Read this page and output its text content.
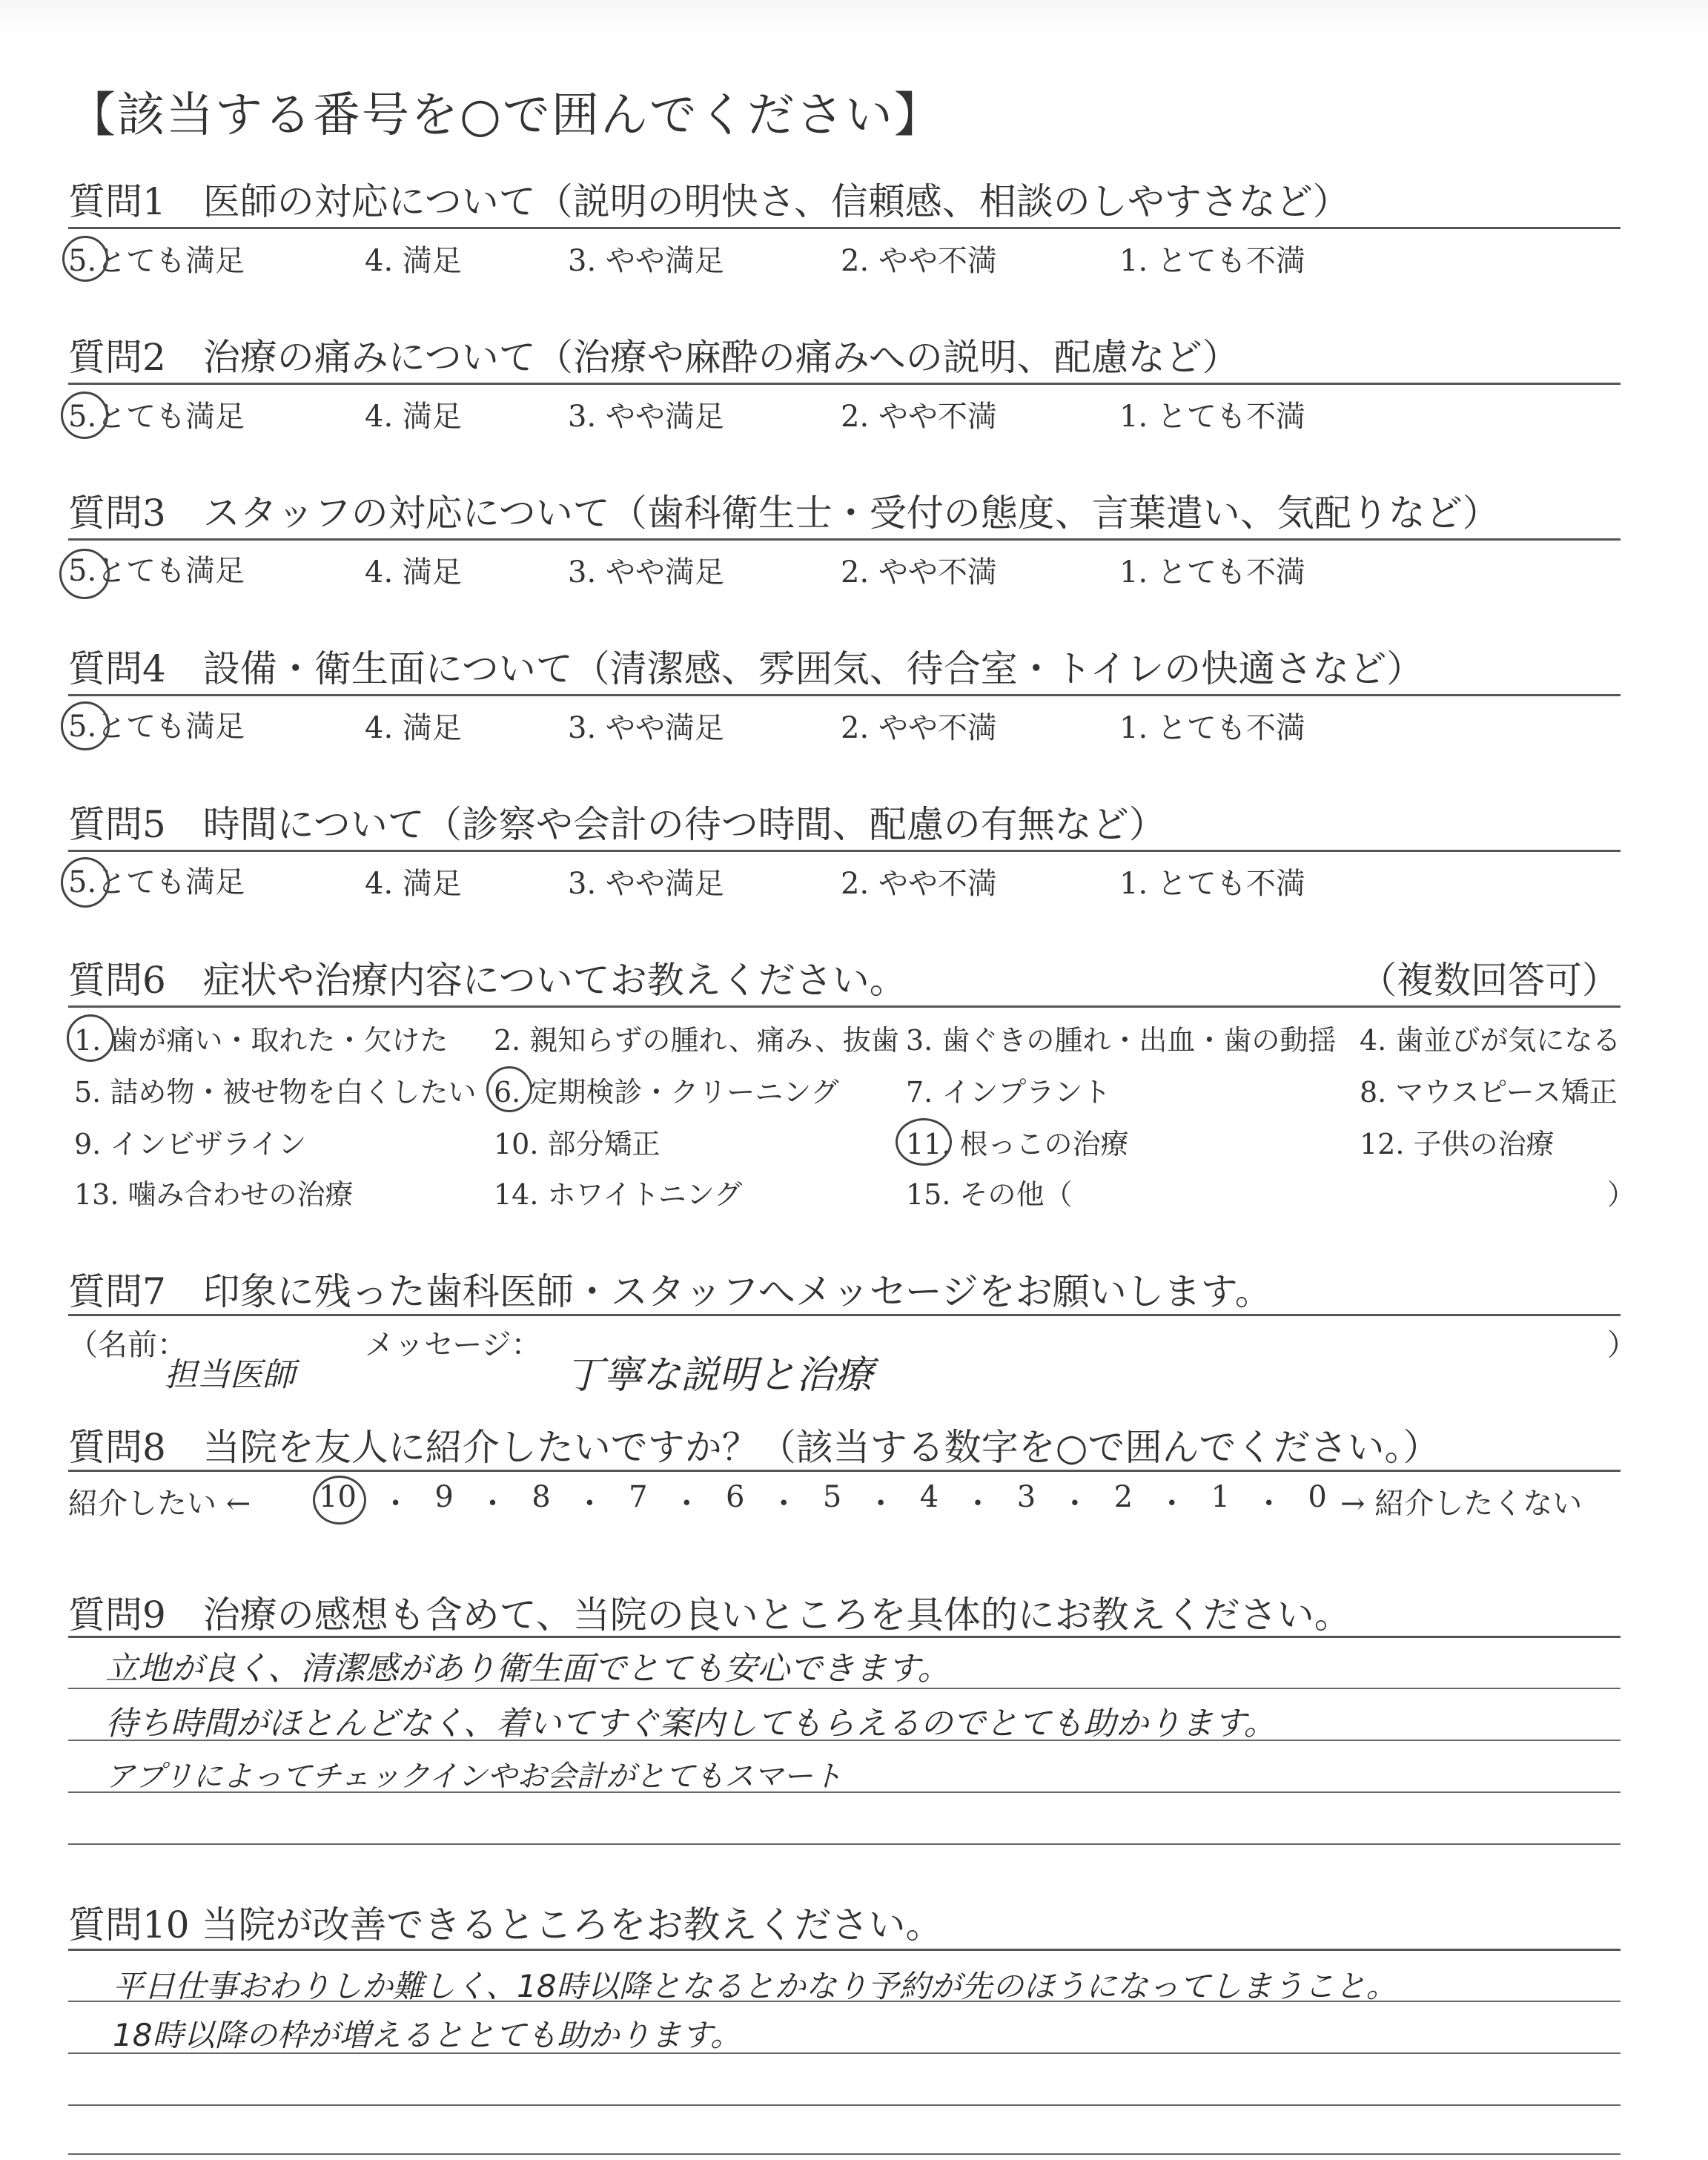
【該当する番号を○で囲んでください】
質問1　医師の対応について（説明の明快さ、信頼感、相談のしやすさなど）
5.とても満足	4. 満足	3. やや満足	2. やや不満	1. とても不満
質問2　治療の痛みについて（治療や麻酔の痛みへの説明、配慮など）
5.とても満足	4. 満足	3. やや満足	2. やや不満	1. とても不満
質問3　スタッフの対応について（歯科衛生士・受付の態度、言葉遣い、気配りなど）
5.とても満足	4. 満足	3. やや満足	2. やや不満	1. とても不満
質問4　設備・衛生面について（清潔感、雰囲気、待合室・トイレの快適さなど）
5.とても満足	4. 満足	3. やや満足	2. やや不満	1. とても不満
質問5　時間について（診察や会計の待つ時間、配慮の有無など）
5.とても満足	4. 満足	3. やや満足	2. やや不満	1. とても不満
質問6　症状や治療内容についてお教えください。	（複数回答可）
1. 歯が痛い・取れた・欠けた 2. 親知らずの腫れ、痛み、抜歯 3. 歯ぐきの腫れ・出血・歯の動揺 4. 歯並びが気になる
5. 詰め物・被せ物を白くしたい 6. 定期検診・クリーニング 7. インプラント	8. マウスピース矯正
9. インビザライン	10. 部分矯正	11. 根っこの治療	12. 子供の治療
13. 噛み合わせの治療	14. ホワイトニング	15. その他（	）
質問7　印象に残った歯科医師・スタッフへメッセージをお願いします。
（名前：	メッセージ：	）
担当医師	丁寧な説明と治療
質問8　当院を友人に紹介したいですか？（該当する数字を○で囲んでください。）
紹介したい ←	→ 紹介したくない
10 ・ 9 ・ 8 ・ 7 ・ 6 ・ 5 ・ 4 ・ 3 ・ 2 ・ 1 ・ 0
質問9　治療の感想も含めて、当院の良いところを具体的にお教えください。
立地が良く、清潔感があり衛生面でとても安心できます。
待ち時間がほとんどなく、着いてすぐ案内してもらえるのでとても助かります。
アプリによってチェックインやお会計がとてもスマート
質問10 当院が改善できるところをお教えください。
平日仕事おわりしか難しく、18時以降となるとかなり予約が先のほうになってしまうこと。
18時以降の枠が増えるととても助かります。
